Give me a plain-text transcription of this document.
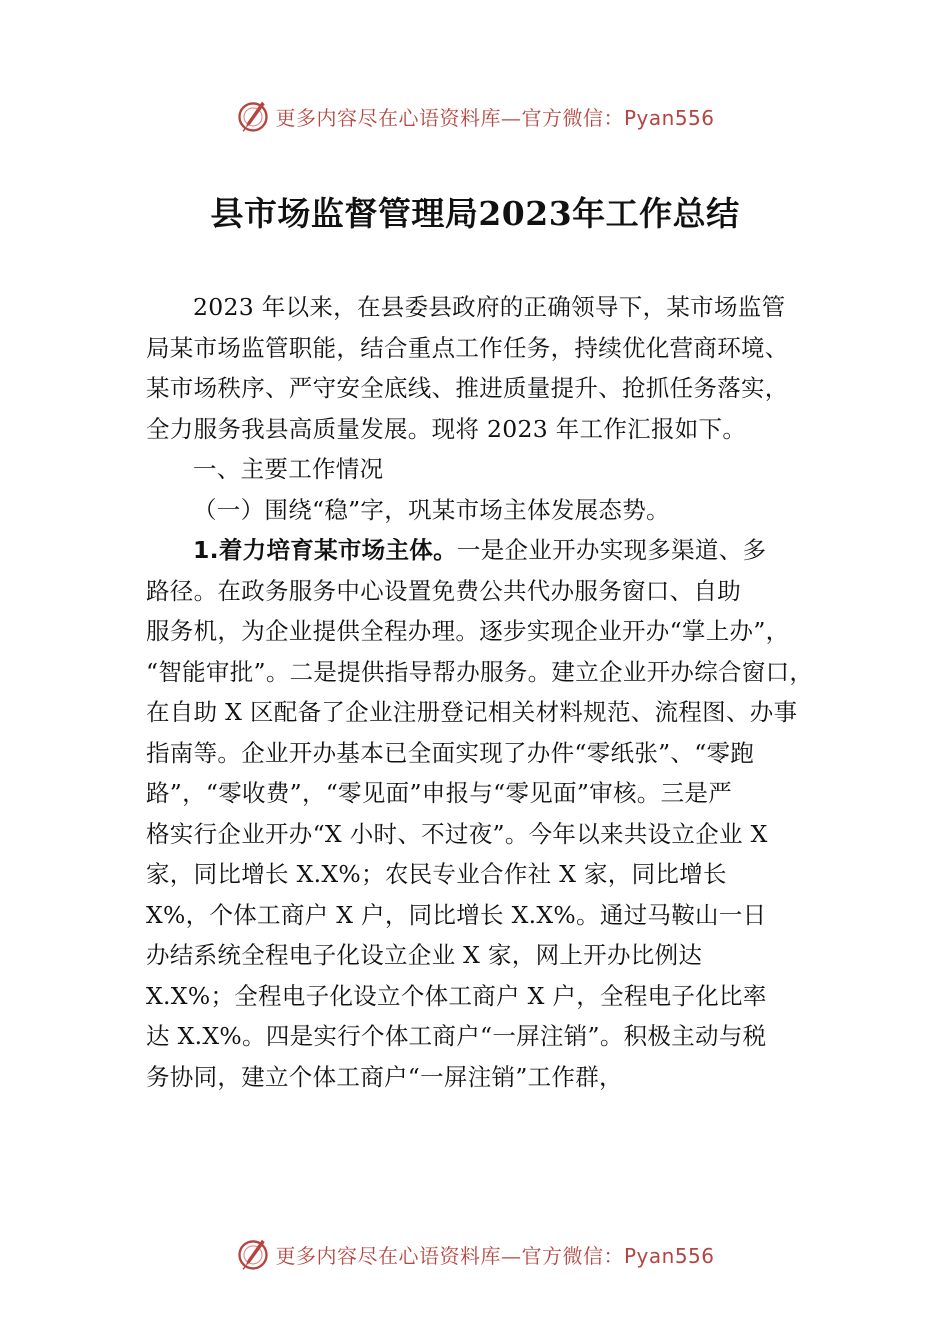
更多内容尽在心语资料库—官方微信：Pyan556
县市场监督管理局2023年工作总结

2023 年以来，在县委县政府的正确领导下，某市场监管
局某市场监管职能，结合重点工作任务，持续优化营商环境、
某市场秩序、严守安全底线、推进质量提升、抢抓任务落实，
全力服务我县高质量发展。现将 2023 年工作汇报如下。

一、主要工作情况

（一）围绕“稳”字，巩某市场主体发展态势。

1.着力培育某市场主体。一是企业开办实现多渠道、多
路径。在政务服务中心设置免费公共代办服务窗口、自助
服务机，为企业提供全程办理。逐步实现企业开办“掌上办”，
“智能审批”。二是提供指导帮办服务。建立企业开办综合窗口，
在自助 X 区配备了企业注册登记相关材料规范、流程图、办事
指南等。企业开办基本已全面实现了办件“零纸张”、“零跑
路”，“零收费”，“零见面”申报与“零见面”审核。三是严
格实行企业开办“X 小时、不过夜”。今年以来共设立企业 X
家，同比增长 X.X%；农民专业合作社 X 家，同比增长
X%，个体工商户 X 户，同比增长 X.X%。通过马鞍山一日
办结系统全程电子化设立企业 X 家，网上开办比例达
X.X%；全程电子化设立个体工商户 X 户，全程电子化比率
达 X.X%。四是实行个体工商户“一屏注销”。积极主动与税
务协同，建立个体工商户“一屏注销”工作群，

更多内容尽在心语资料库—官方微信：Pyan556
